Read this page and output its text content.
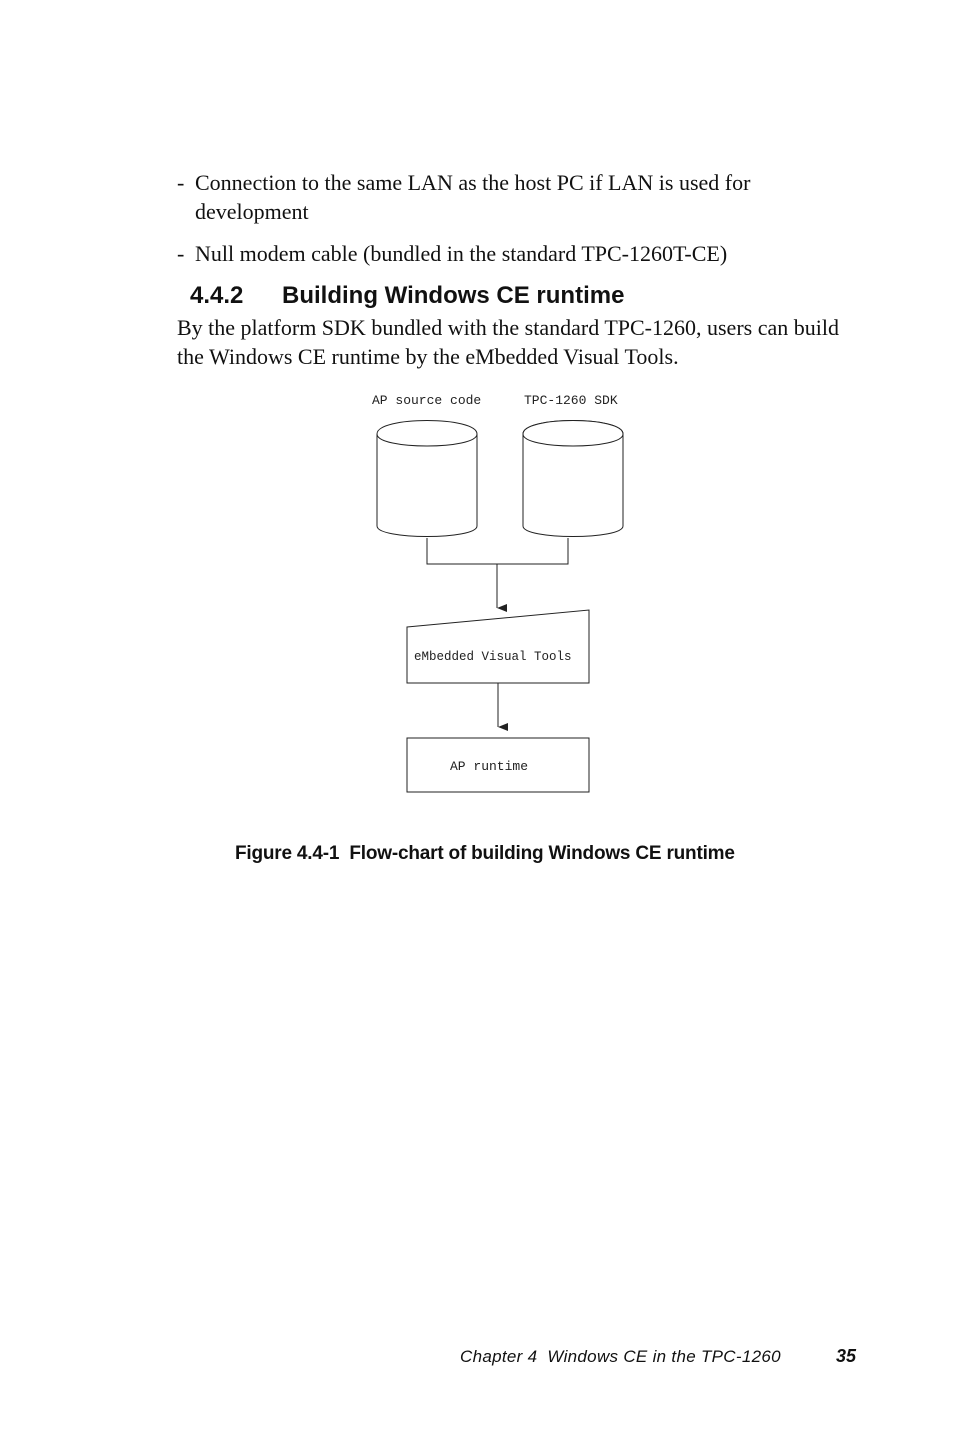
- Connection to the same LAN as the host PC if LAN is used for development
- Null modem cable (bundled in the standard TPC-1260T-CE)
4.4.2	Building Windows CE runtime
By the platform SDK bundled with the standard TPC-1260, users can build the Windows CE runtime by the eMbedded Visual Tools.
AP source code	TPC-1260 SDK
eMbedded Visual Tools
AP runtime
Figure 4.4-1  Flow-chart of building Windows CE runtime
Chapter 4  Windows CE in the TPC-1260	35
